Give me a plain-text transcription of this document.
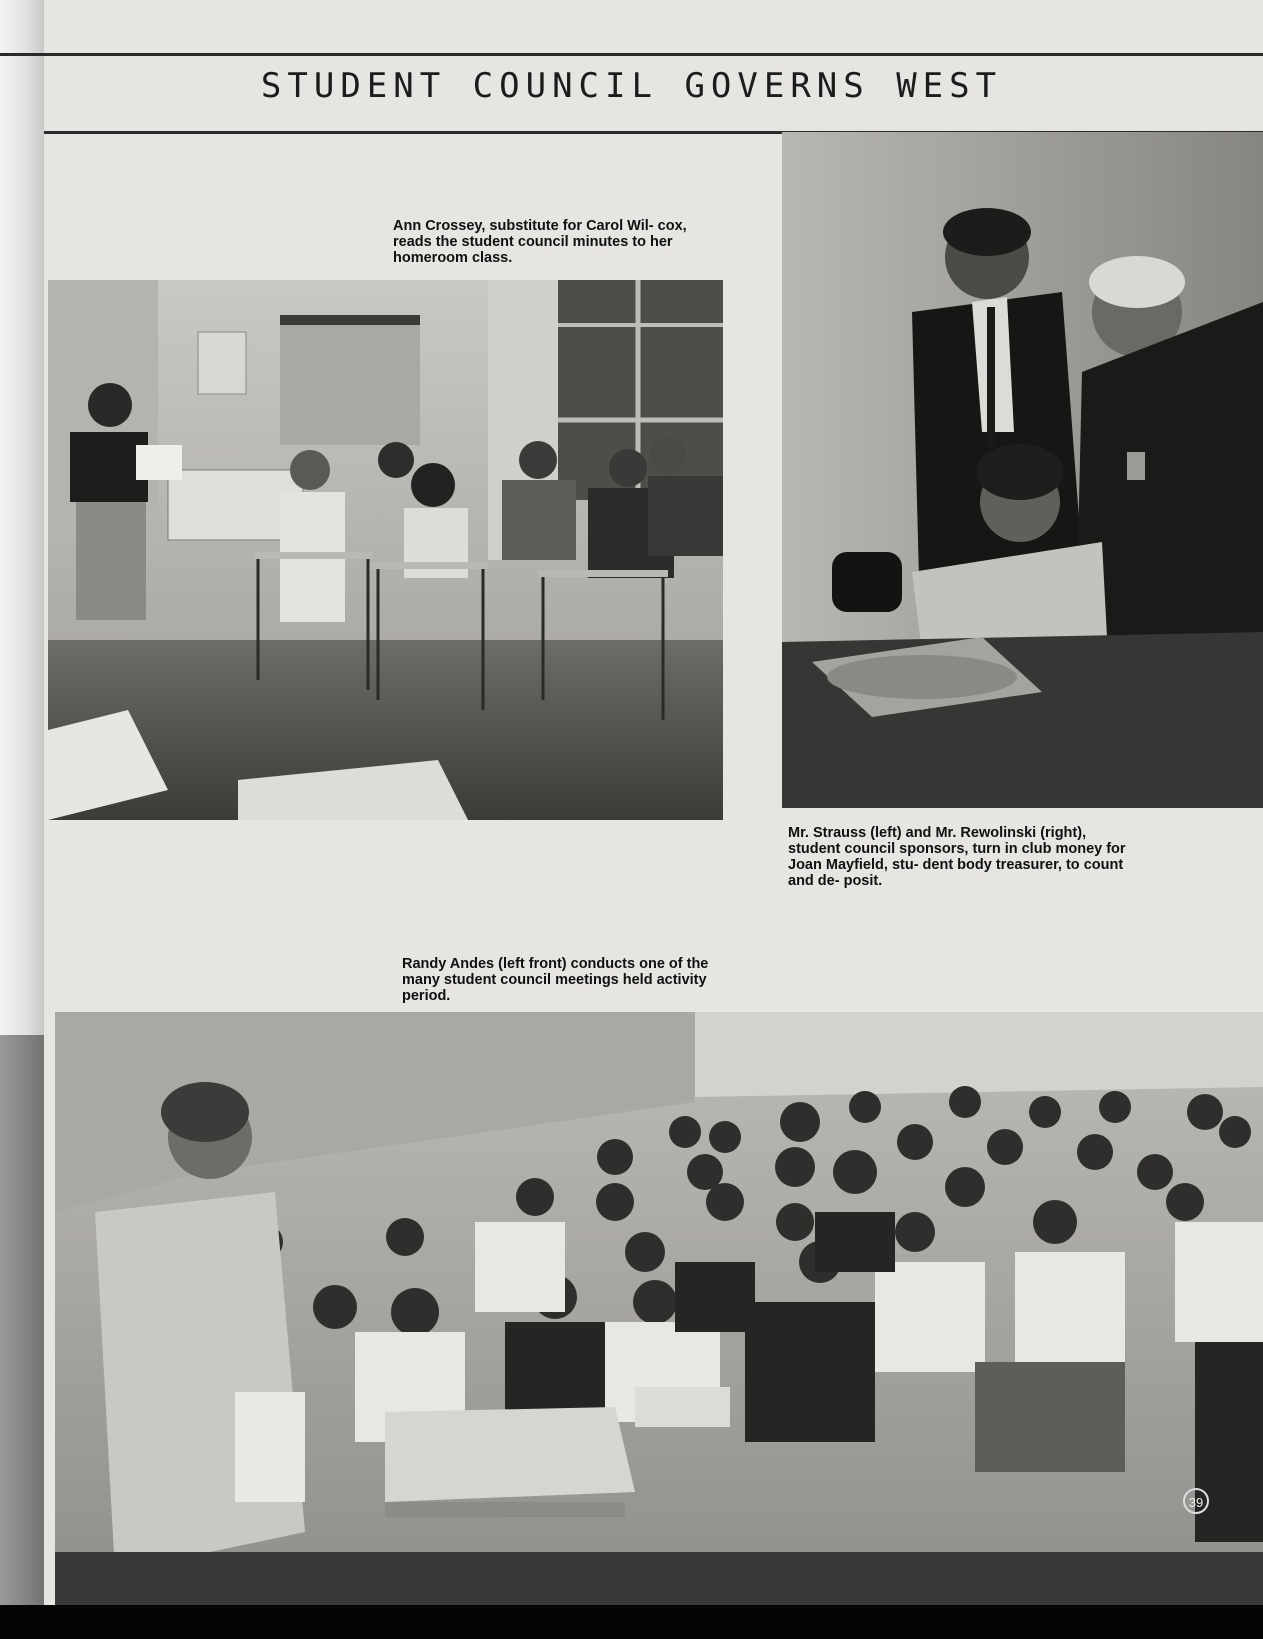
STUDENT COUNCIL GOVERNS WEST

Ann Crossey, substitute for Carol Wil- cox, reads the student council minutes to her homeroom class.

Mr. Strauss (left) and Mr. Rewolinski (right), student council sponsors, turn in club money for Joan Mayfield, stu- dent body treasurer, to count and de- posit.

Randy Andes (left front) conducts one of the many student council meetings held activity period.

39
